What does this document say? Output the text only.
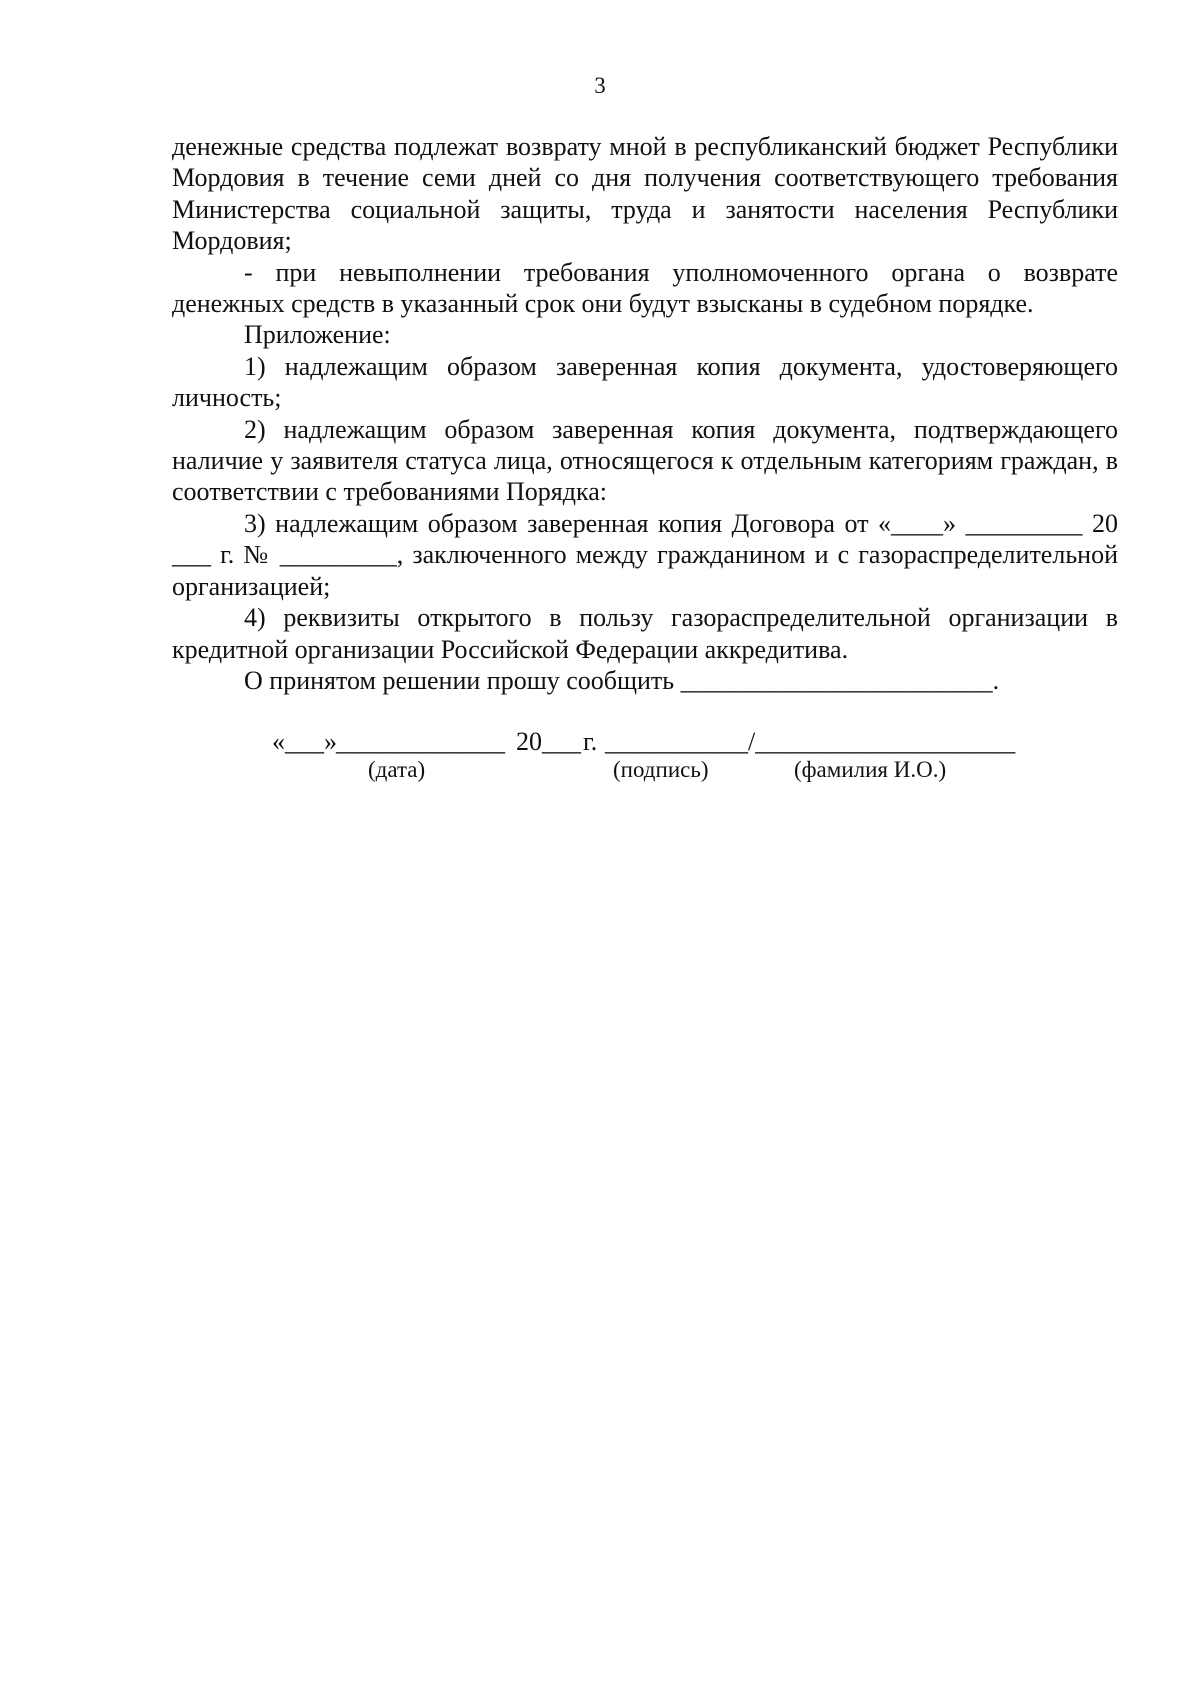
3

денежные средства подлежат возврату мной в республиканский бюджет Республики Мордовия в течение семи дней со дня получения соответствующего требования Министерства социальной защиты, труда и занятости населения Республики Мордовия;

- при невыполнении требования уполномоченного органа о возврате денежных средств в указанный срок они будут взысканы в судебном порядке.

Приложение:

1) надлежащим образом заверенная копия документа, удостоверяющего личность;

2) надлежащим образом заверенная копия документа, подтверждающего наличие у заявителя статуса лица, относящегося к отдельным категориям граждан, в соответствии с требованиями Порядка:

3) надлежащим образом заверенная копия Договора от «____» _________ 20 ___ г. № _________, заключенного между гражданином и с газораспределительной организацией;

4) реквизиты открытого в пользу газораспределительной организации в кредитной организации Российской Федерации аккредитива.

О принятом решении прошу сообщить ________________________.

«___» _____________ 20___ г. ___________/____________________
(дата)	(подпись)	(фамилия И.О.)
